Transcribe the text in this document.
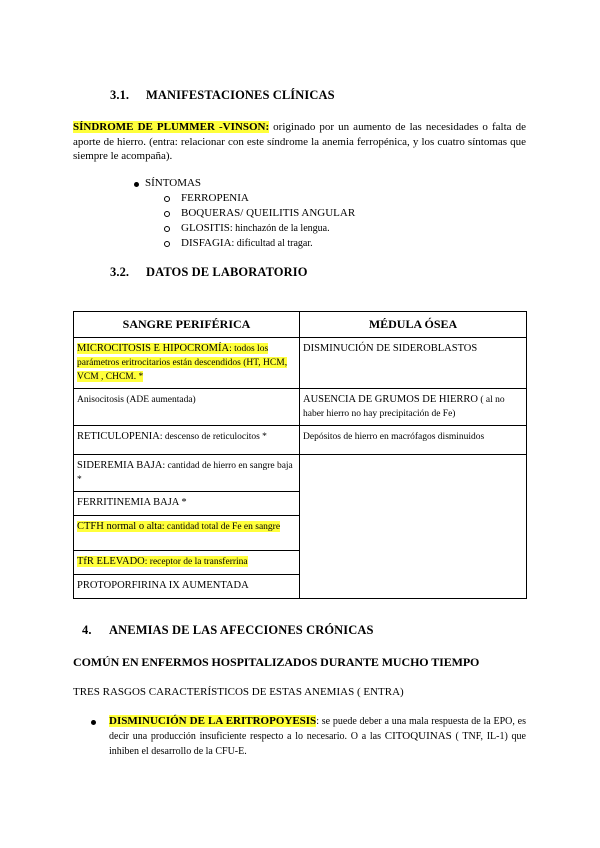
3.1. MANIFESTACIONES CLÍNICAS
SÍNDROME DE PLUMMER -VINSON: originado por un aumento de las necesidades o falta de aporte de hierro. (entra: relacionar con este síndrome la anemia ferropénica, y los cuatro síntomas que siempre le acompaña).
SÍNTOMAS
FERROPENIA
BOQUERAS/ QUEILITIS ANGULAR
GLOSITIS: hinchazón de la lengua.
DISFAGIA: dificultad al tragar.
3.2. DATOS DE LABORATORIO
SANGRE PERIFÉRICA	MÉDULA ÓSEA
MICROCITOSIS E HIPOCROMÍA: todos los parámetros eritrocitarios están descendidos (HT, HCM, VCM , CHCM. *	DISMINUCIÓN DE SIDEROBLASTOS
Anisocitosis (ADE aumentada)	AUSENCIA DE GRUMOS DE HIERRO ( al no haber hierro no hay precipitación de Fe)
RETICULOPENIA: descenso de reticulocitos *	Depósitos de hierro en macrófagos disminuidos
SIDEREMIA BAJA: cantidad de hierro en sangre baja *	
FERRITINEMIA BAJA *	
CTFH normal o alta: cantidad total de Fe en sangre	
TfR ELEVADO: receptor de la transferrina	
PROTOPORFIRINA IX AUMENTADA	
4. ANEMIAS DE LAS AFECCIONES CRÓNICAS
COMÚN EN ENFERMOS HOSPITALIZADOS DURANTE MUCHO TIEMPO
TRES RASGOS CARACTERÍSTICOS DE ESTAS ANEMIAS ( ENTRA)
DISMINUCIÓN DE LA ERITROPOYESIS: se puede deber a una mala respuesta de la EPO, es decir una producción insuficiente respecto a lo necesario. O a las CITOQUINAS ( TNF, IL-1) que inhiben el desarrollo de la CFU-E.
